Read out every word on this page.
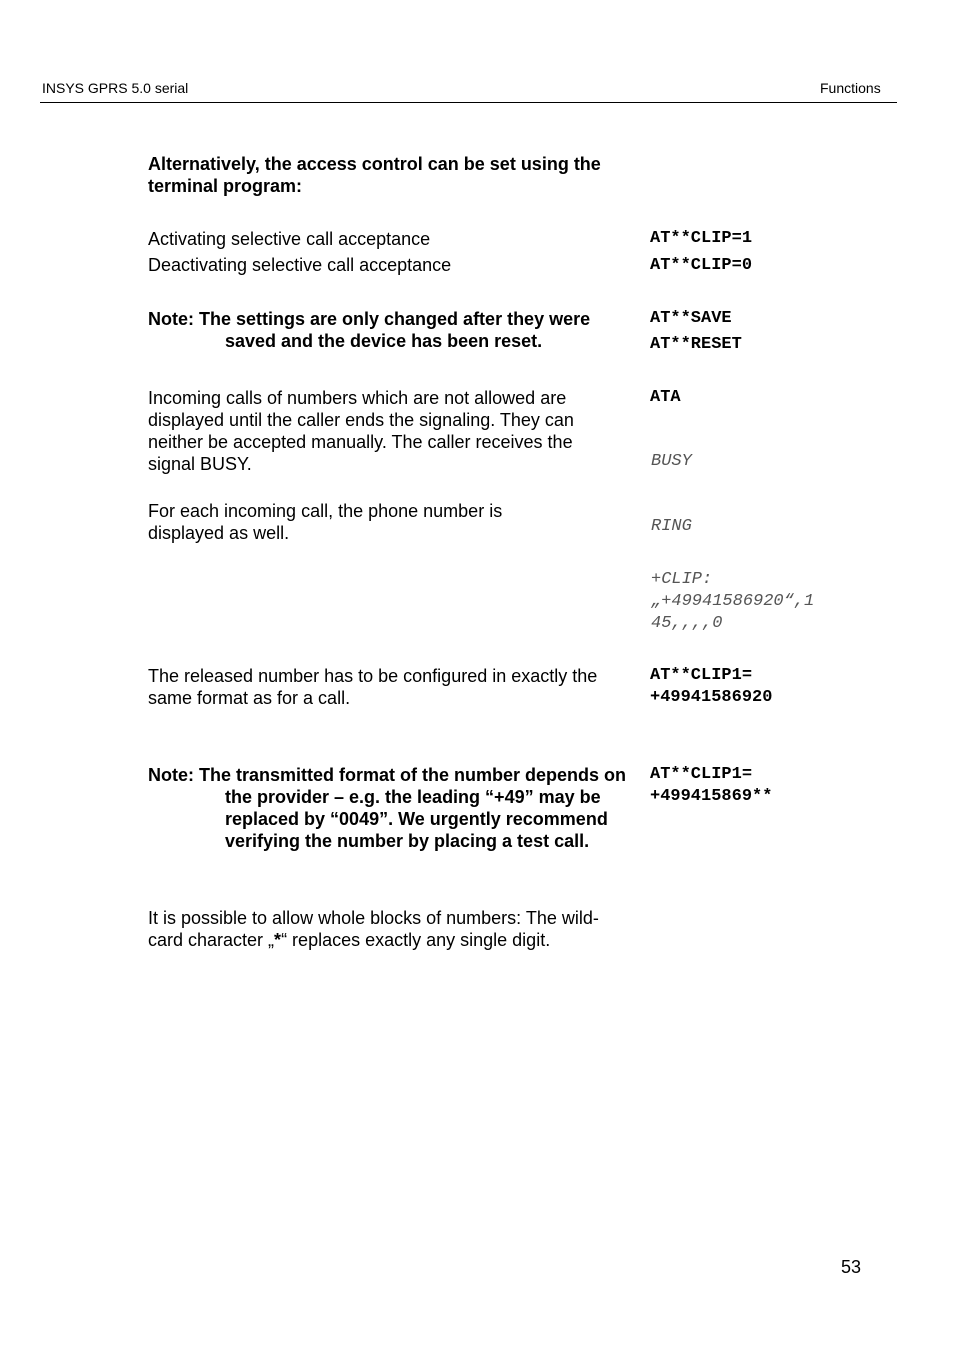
INSYS GPRS 5.0 serial	Functions
Alternatively, the access control can be set using the
terminal program:
Activating selective call acceptance
Deactivating selective call acceptance
AT**CLIP=1
AT**CLIP=0
Note: The settings are only changed after they were
saved and the device has been reset.
AT**SAVE
AT**RESET
Incoming calls of numbers which are not allowed are
displayed until the caller ends the signaling. They can
neither be accepted manually. The caller receives the
signal BUSY.
ATA
BUSY
For each incoming call, the phone number is
displayed as well.	RING
+CLIP:
„+49941586920“,1
45,,,,0
The released number has to be configured in exactly the
same format as for a call.
AT**CLIP1=
+49941586920
Note: The transmitted format of the number depends on
the provider – e.g. the leading “+49” may be
replaced by “0049”. We urgently recommend
verifying the number by placing a test call.
AT**CLIP1=
+499415869**
It is possible to allow whole blocks of numbers: The wild-
card character „*“ replaces exactly any single digit.
53
